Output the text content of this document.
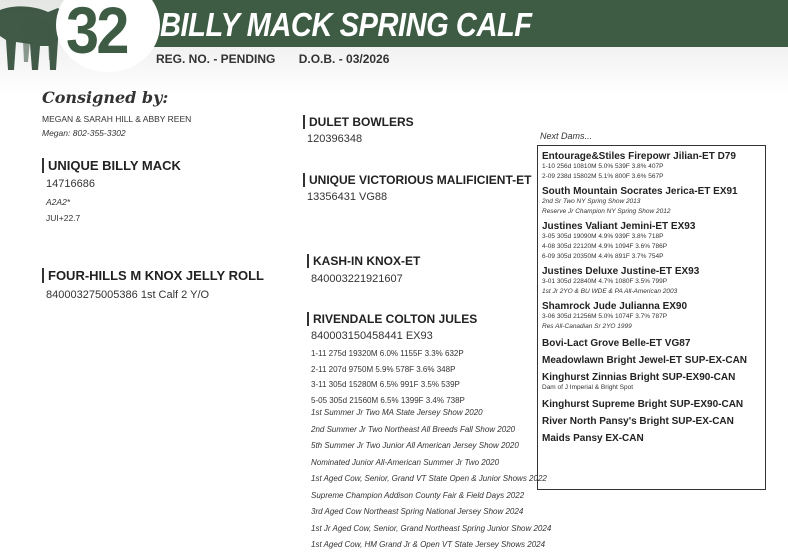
32 BILLY MACK SPRING CALF
REG. NO. - PENDING D.O.B. - 03/2026
Consigned by:
MEGAN & SARAH HILL & ABBY REEN
Megan: 802-355-3302
UNIQUE BILLY MACK
14716686
A2A2*
JUI+22.7
FOUR-HILLS M KNOX JELLY ROLL
840003275005386 1st Calf 2 Y/O
DULET BOWLERS
120396348
UNIQUE VICTORIOUS MALIFICIENT-ET
13356431 VG88
KASH-IN KNOX-ET
840003221921607
RIVENDALE COLTON JULES
840003150458441 EX93
1-11 275d 19320M 6.0% 1155F 3.3% 632P
2-11 207d 9750M 5.9% 578F 3.6% 348P
3-11 305d 15280M 6.5% 991F 3.5% 539P
5-05 305d 21560M 6.5% 1399F 3.4% 738P
1st Summer Jr Two MA State Jersey Show 2020
2nd Summer Jr Two Northeast All Breeds Fall Show 2020
5th Summer Jr Two Junior All American Jersey Show 2020
Nominated Junior All-American Summer Jr Two 2020
1st Aged Cow, Senior, Grand VT State Open & Junior Shows 2022
Supreme Champion Addison County Fair & Field Days 2022
3rd Aged Cow Northeast Spring National Jersey Show 2024
1st Jr Aged Cow, Senior, Grand Northeast Spring Junior Show 2024
1st Aged Cow, HM Grand Jr & Open VT State Jersey Shows 2024
Next Dams...
Entourage&Stiles Firepowr Jilian-ET D79
1-10 256d 10810M 5.0% 539F 3.8% 407P
2-09 238d 15802M 5.1% 800F 3.6% 567P
South Mountain Socrates Jerica-ET EX91
2nd Sr Two NY Spring Show 2013
Reserve Jr Champion NY Spring Show 2012
Justines Valiant Jemini-ET EX93
3-05 305d 19090M 4.9% 939F 3.8% 718P
4-08 305d 22120M 4.9% 1094F 3.6% 786P
6-09 305d 20350M 4.4% 891F 3.7% 754P
Justines Deluxe Justine-ET EX93
3-01 305d 22840M 4.7% 1080F 3.5% 799P
1st Jr 2YO & BU WDE & PA All-American 2003
Shamrock Jude Julianna EX90
3-06 305d 21256M 5.0% 1074F 3.7% 787P
Res All-Canadian Sr 2YO 1999
Bovi-Lact Grove Belle-ET VG87
Meadowlawn Bright Jewel-ET SUP-EX-CAN
Kinghurst Zinnias Bright SUP-EX90-CAN
Dam of J Imperial & Bright Spot
Kinghurst Supreme Bright SUP-EX90-CAN
River North Pansy's Bright SUP-EX-CAN
Maids Pansy EX-CAN
